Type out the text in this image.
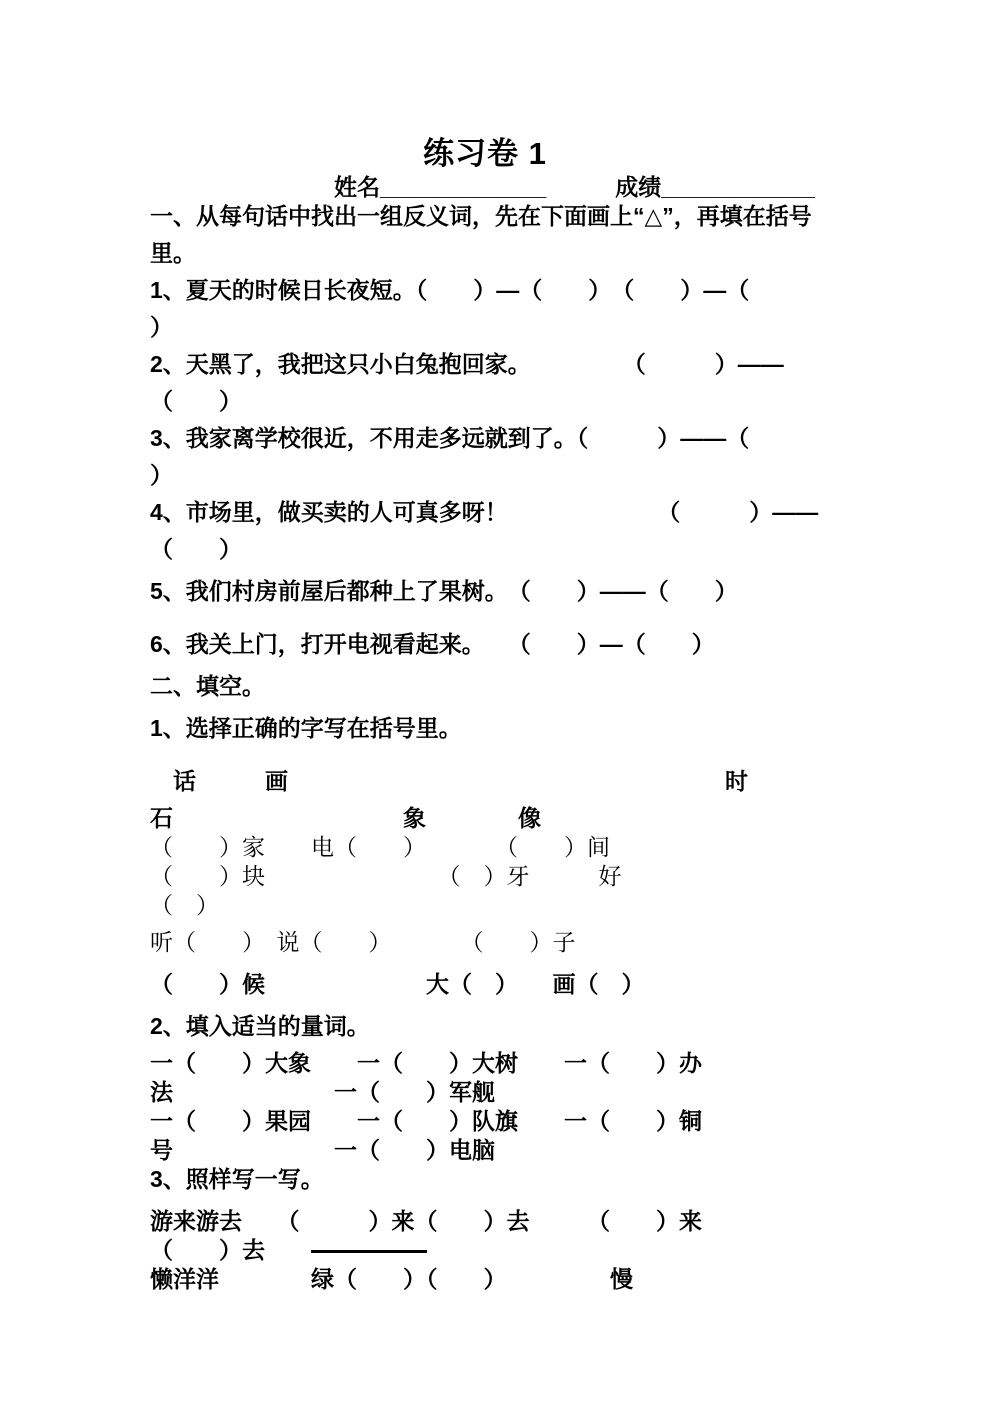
练习卷 1
　　　　　　　　姓名_____________　　　成绩____________
一、从每句话中找出一组反义词，先在下面画上“△”，再填在括号
里。
1、夏天的时候日长夜短。（　　）—（　　）　（　　）—（
）
2、天黑了，我把这只小白兔抱回家。　　　　　（　　　）——
（　　）
3、我家离学校很近，不用走多远就到了。（　　　）——（
）
4、市场里，做买卖的人可真多呀！　　　　　　　（　　　）——
（　　）
5、我们村房前屋后都种上了果树。　（　　）——（　　）
6、我关上门，打开电视看起来。　　（　　）—（　　）
二、填空。
1、选择正确的字写在括号里。
　话　　　画　　　　　　　　　　　　　　　　　　　时
石　　　　　　　　　　象　　　　像
（　　）家　　电（　　）　　　　（　　）间
（　　）块　　　　　　　　（　）牙　　　好
（　）
听（　　）　说（　　）　　　　（　　）子
（　　）候　　　　　　　大（　）　　画（　）
2、填入适当的量词。
一（　　）大象　　一（　　）大树　　一（　　）办
法　　　　　　　一（　　）军舰
一（　　）果园　　一（　　）队旗　　一（　　）铜
号　　　　　　　一（　　）电脑
3、照样写一写。
游来游去　　（　　　）来（　　）去　　　（　　）来
（　　）去　　
懒洋洋　　　　绿（　　）（　　）　　　　　慢
